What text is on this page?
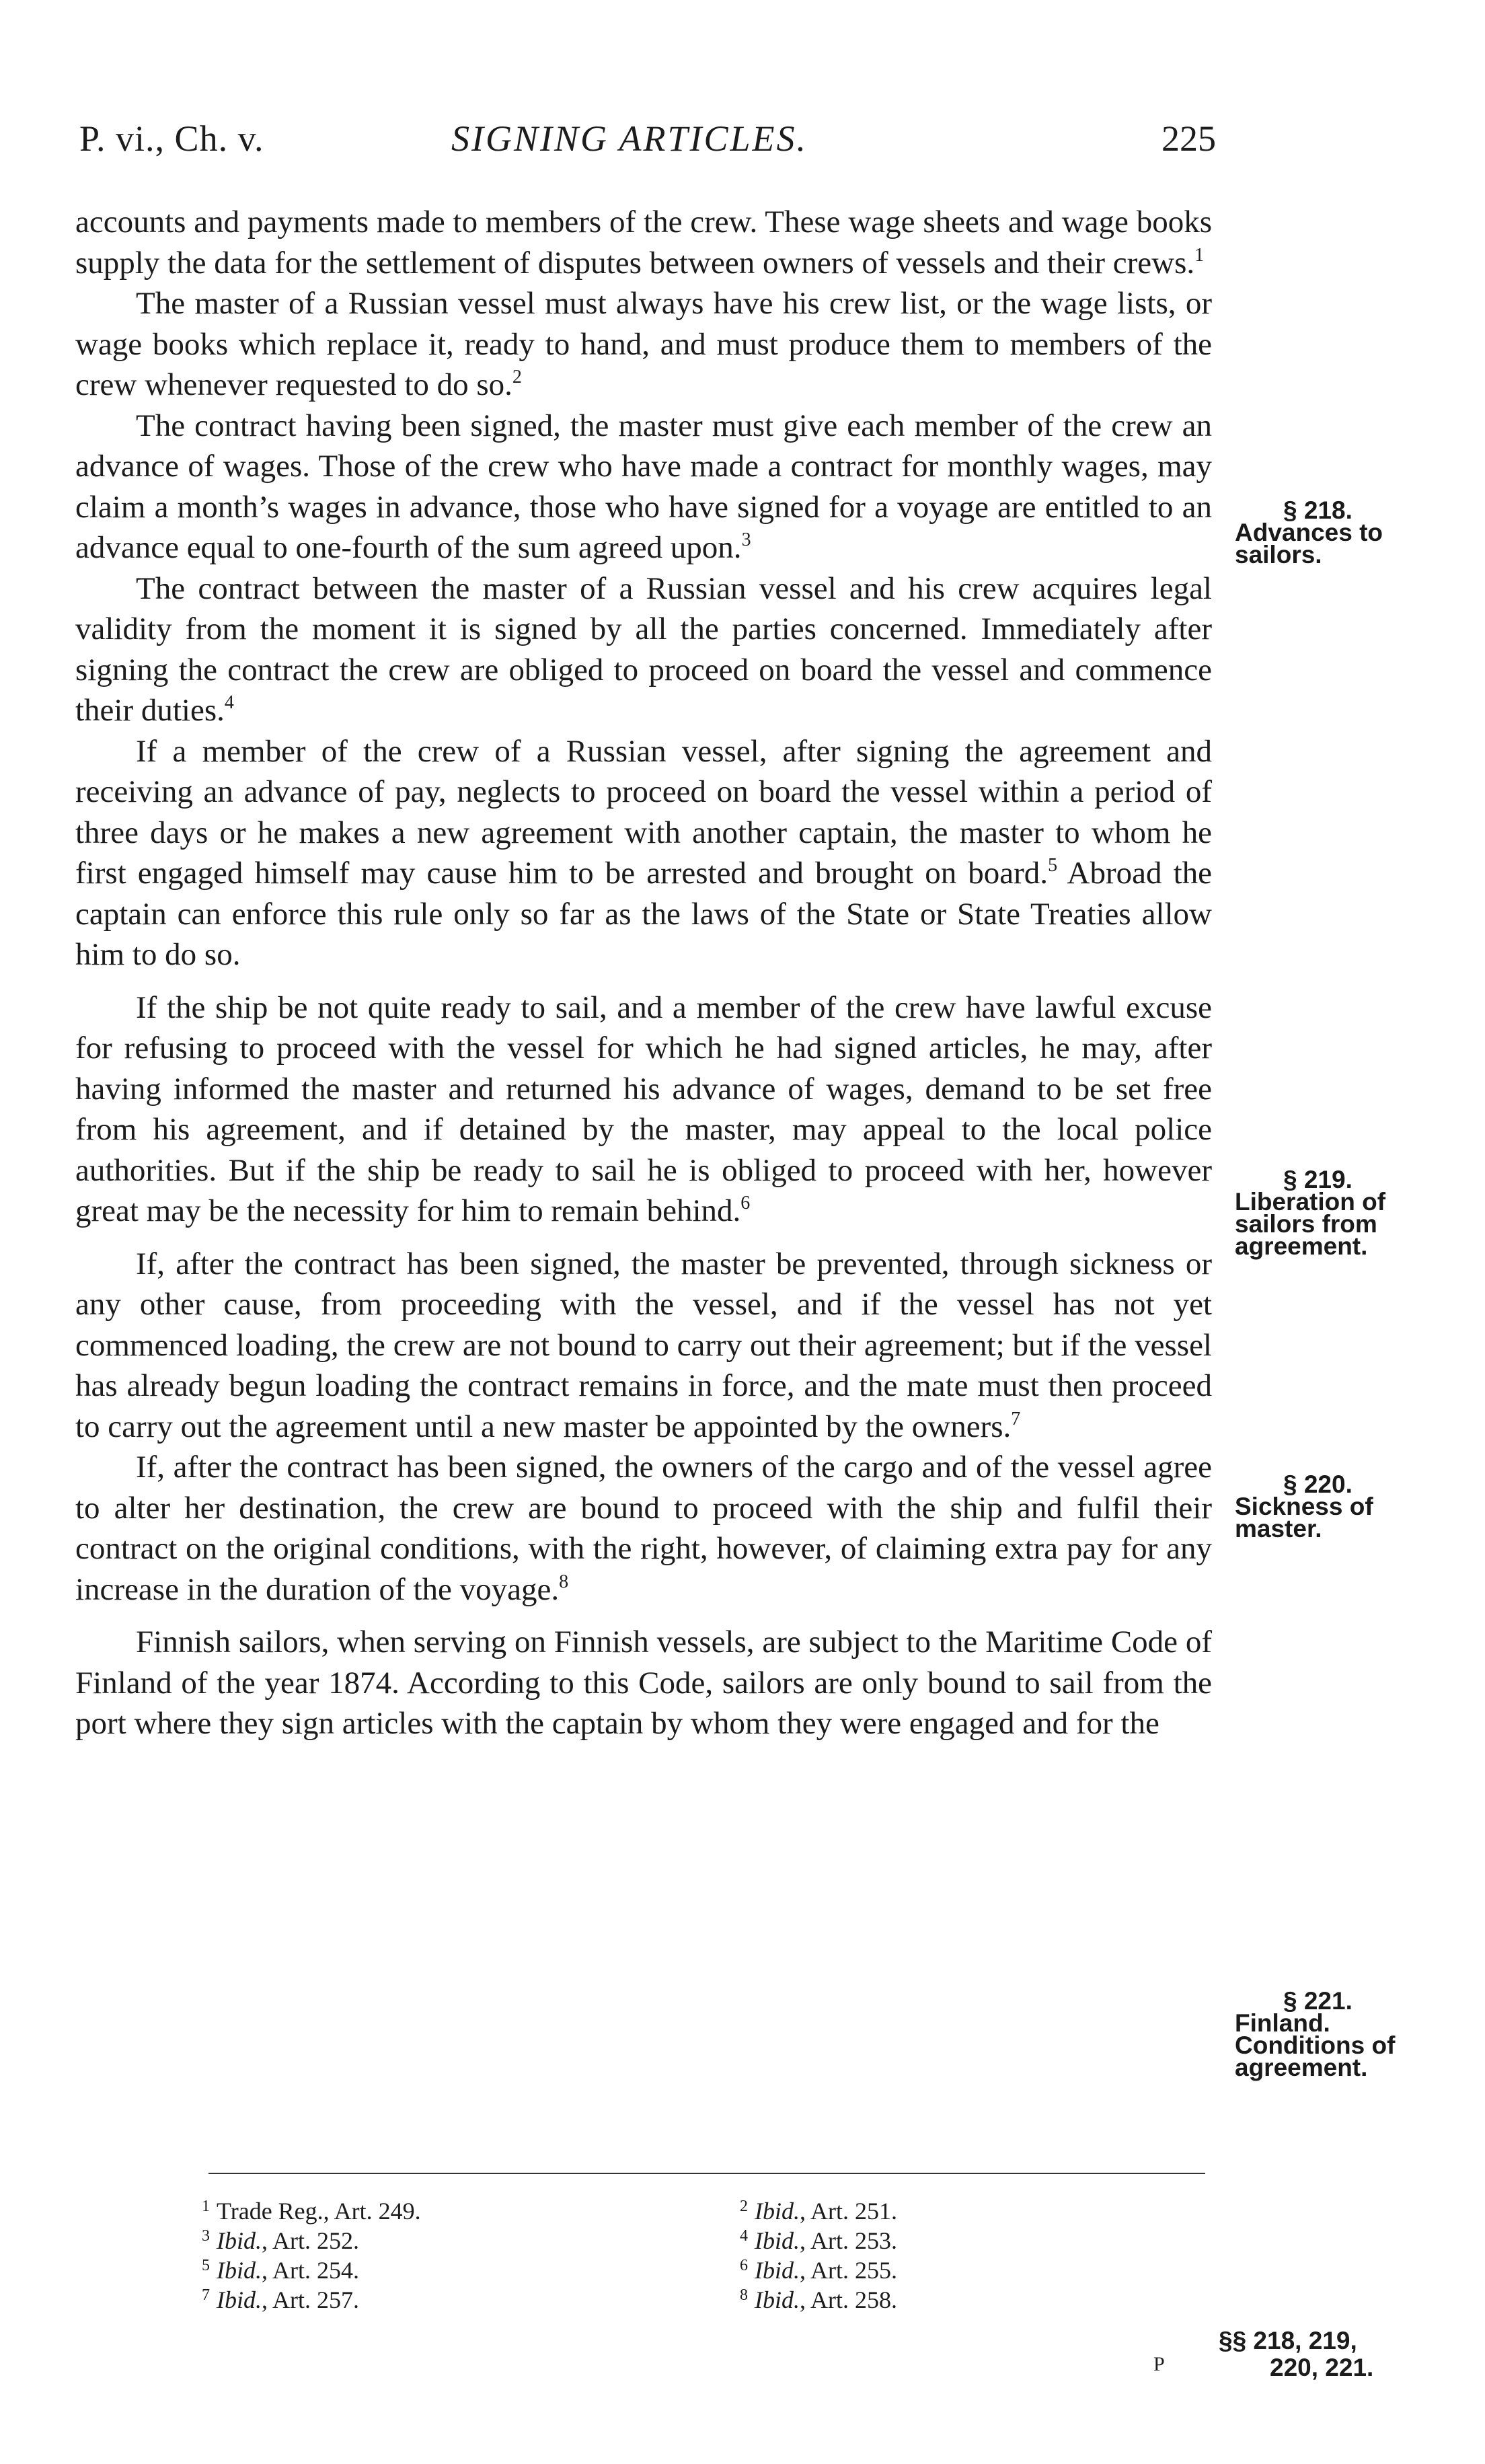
P. vi., Ch. v.	SIGNING ARTICLES.	225

accounts and payments made to members of the crew. These wage sheets and wage books supply the data for the settlement of disputes between owners of vessels and their crews.$^1$

The master of a Russian vessel must always have his crew list, or the wage lists, or wage books which replace it, ready to hand, and must produce them to members of the crew whenever requested to do so.$^2$

The contract having been signed, the master must give each member of the crew an advance of wages. Those of the crew who have made a contract for monthly wages, may claim a month’s wages in advance, those who have signed for a voyage are entitled to an advance equal to one-fourth of the sum agreed upon.$^3$

The contract between the master of a Russian vessel and his crew acquires legal validity from the moment it is signed by all the parties concerned. Immediately after signing the contract the crew are obliged to proceed on board the vessel and commence their duties.$^4$

If a member of the crew of a Russian vessel, after signing the agreement and receiving an advance of pay, neglects to proceed on board the vessel within a period of three days or he makes a new agreement with another captain, the master to whom he first engaged himself may cause him to be arrested and brought on board.$^5$ Abroad the captain can enforce this rule only so far as the laws of the State or State Treaties allow him to do so.

If the ship be not quite ready to sail, and a member of the crew have lawful excuse for refusing to proceed with the vessel for which he had signed articles, he may, after having informed the master and returned his advance of wages, demand to be set free from his agreement, and if detained by the master, may appeal to the local police authorities. But if the ship be ready to sail he is obliged to proceed with her, however great may be the necessity for him to remain behind.$^6$

If, after the contract has been signed, the master be prevented, through sickness or any other cause, from proceeding with the vessel, and if the vessel has not yet commenced loading, the crew are not bound to carry out their agreement; but if the vessel has already begun loading the contract remains in force, and the mate must then proceed to carry out the agreement until a new master be appointed by the owners.$^7$

If, after the contract has been signed, the owners of the cargo and of the vessel agree to alter her destination, the crew are bound to proceed with the ship and fulfil their contract on the original conditions, with the right, however, of claiming extra pay for any increase in the duration of the voyage.$^8$

Finnish sailors, when serving on Finnish vessels, are subject to the Maritime Code of Finland of the year 1874. According to this Code, sailors are only bound to sail from the port where they sign articles with the captain by whom they were engaged and for the

§ 218.
Advances to sailors.
§ 219.
Liberation of sailors from agreement.
§ 220.
Sickness of master.
§ 221.
Finland. Conditions of agreement.
$^1$ Trade Reg., Art. 249.	$^2$ Ibid., Art. 251.
$^3$ Ibid., Art. 252.	$^4$ Ibid., Art. 253.
$^5$ Ibid., Art. 254.	$^6$ Ibid., Art. 255.
$^7$ Ibid., Art. 257.	$^8$ Ibid., Art. 258.
P
§§ 218, 219,
220, 221.
